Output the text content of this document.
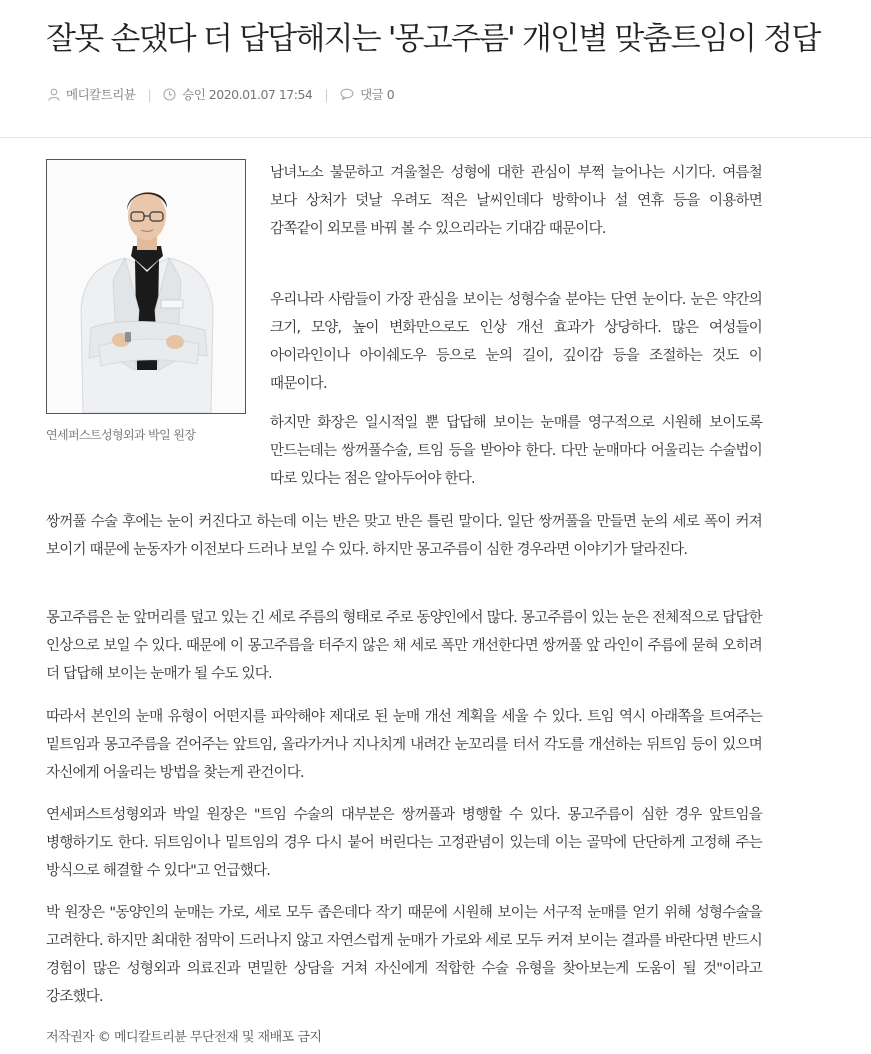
잘못 손댔다 더 답답해지는 '몽고주름' 개인별 맞춤트임이 정답
메디칼트리뷴 | 승인 2020.01.07 17:54 |	댓글 0
연세퍼스트성형외과 박일 원장

남녀노소 불문하고 겨울철은 성형에 대한 관심이 부쩍 늘어나는 시기다. 여름철 보다 상처가 덧날 우려도 적은 날씨인데다 방학이나 설 연휴 등을 이용하면 감쪽같이 외모를 바꿔 볼 수 있으리라는 기대감 때문이다.

우리나라 사람들이 가장 관심을 보이는 성형수술 분야는 단연 눈이다. 눈은 약간의 크기, 모양, 높이 변화만으로도 인상 개선 효과가 상당하다. 많은 여성들이 아이라인이나 아이쉐도우 등으로 눈의 길이, 깊이감 등을 조절하는 것도 이 때문이다.

하지만 화장은 일시적일 뿐 답답해 보이는 눈매를 영구적으로 시원해 보이도록 만드는데는 쌍꺼풀수술, 트임 등을 받아야 한다. 다만 눈매마다 어울리는 수술법이 따로 있다는 점은 알아두어야 한다.

쌍꺼풀 수술 후에는 눈이 커진다고 하는데 이는 반은 맞고 반은 틀린 말이다. 일단 쌍꺼풀을 만들면 눈의 세로 폭이 커져 보이기 때문에 눈동자가 이전보다 드러나 보일 수 있다. 하지만 몽고주름이 심한 경우라면 이야기가 달라진다.

몽고주름은 눈 앞머리를 덮고 있는 긴 세로 주름의 형태로 주로 동양인에서 많다. 몽고주름이 있는 눈은 전체적으로 답답한 인상으로 보일 수 있다. 때문에 이 몽고주름을 터주지 않은 채 세로 폭만 개선한다면 쌍꺼풀 앞 라인이 주름에 묻혀 오히려 더 답답해 보이는 눈매가 될 수도 있다.

따라서 본인의 눈매 유형이 어떤지를 파악해야 제대로 된 눈매 개선 계획을 세울 수 있다. 트임 역시 아래쪽을 트여주는 밑트임과 몽고주름을 걷어주는 앞트임, 올라가거나 지나치게 내려간 눈꼬리를 터서 각도를 개선하는 뒤트임 등이 있으며 자신에게 어울리는 방법을 찾는게 관건이다.

연세퍼스트성형외과 박일 원장은 "트임 수술의 대부분은 쌍꺼풀과 병행할 수 있다. 몽고주름이 심한 경우 앞트임을 병행하기도 한다. 뒤트임이나 밑트임의 경우 다시 붙어 버린다는 고정관념이 있는데 이는 골막에 단단하게 고정해 주는 방식으로 해결할 수 있다"고 언급했다.

박 원장은 "동양인의 눈매는 가로, 세로 모두 좁은데다 작기 때문에 시원해 보이는 서구적 눈매를 얻기 위해 성형수술을 고려한다. 하지만 최대한 점막이 드러나지 않고 자연스럽게 눈매가 가로와 세로 모두 커져 보이는 결과를 바란다면 반드시 경험이 많은 성형외과 의료진과 면밀한 상담을 거쳐 자신에게 적합한 수술 유형을 찾아보는게 도움이 될 것"이라고 강조했다.

저작권자 © 메디칼트리뷴 무단전재 및 재배포 금지
